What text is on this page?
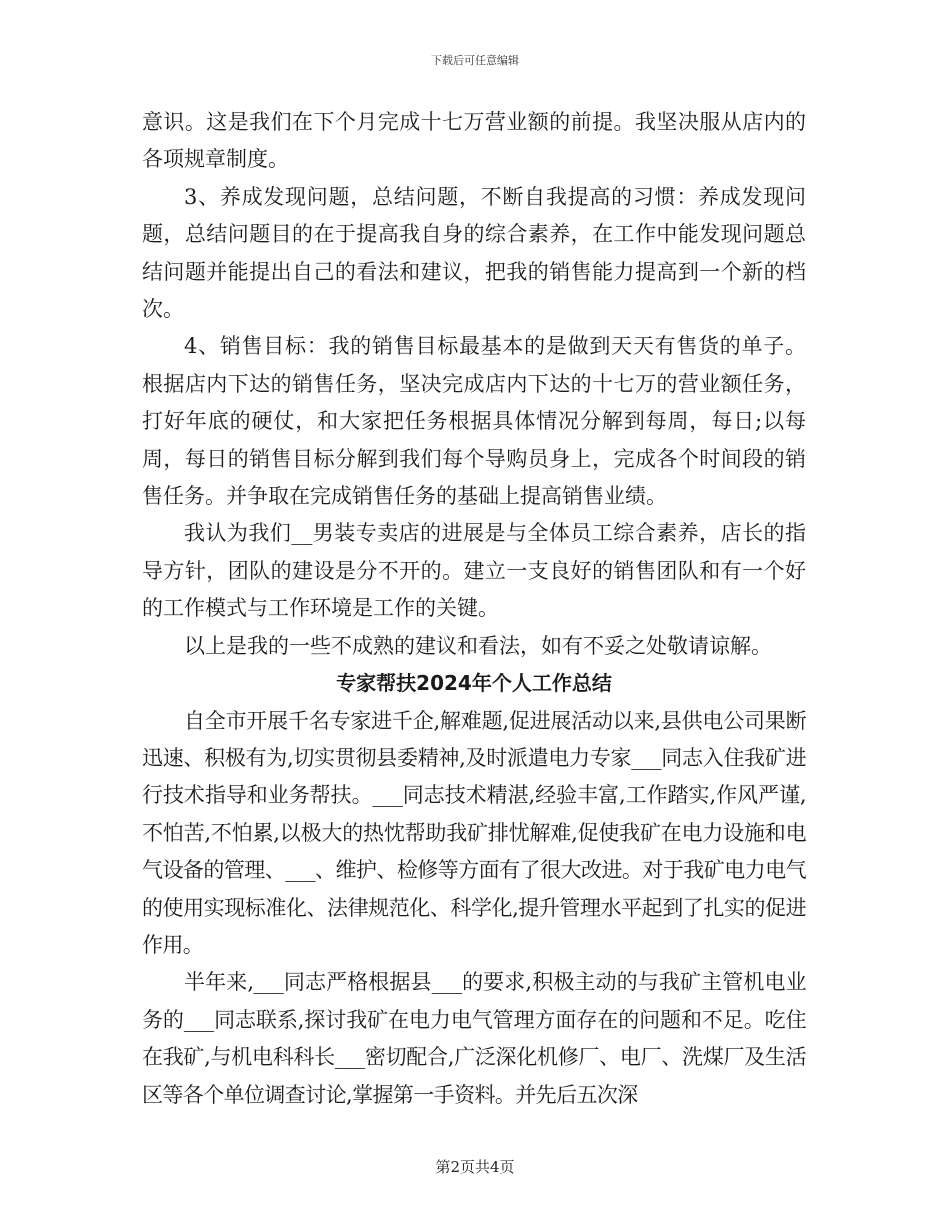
下载后可任意编辑

意识。这是我们在下个月完成十七万营业额的前提。我坚决服从店内的各项规章制度。

3、养成发现问题，总结问题，不断自我提高的习惯：养成发现问题，总结问题目的在于提高我自身的综合素养，在工作中能发现问题总结问题并能提出自己的看法和建议，把我的销售能力提高到一个新的档次。

4、销售目标：我的销售目标最基本的是做到天天有售货的单子。根据店内下达的销售任务，坚决完成店内下达的十七万的营业额任务，打好年底的硬仗，和大家把任务根据具体情况分解到每周，每日;以每周，每日的销售目标分解到我们每个导购员身上，完成各个时间段的销售任务。并争取在完成销售任务的基础上提高销售业绩。

我认为我们__男装专卖店的进展是与全体员工综合素养，店长的指导方针，团队的建设是分不开的。建立一支良好的销售团队和有一个好的工作模式与工作环境是工作的关键。

以上是我的一些不成熟的建议和看法，如有不妥之处敬请谅解。

专家帮扶2024年个人工作总结

自全市开展千名专家进千企,解难题,促进展活动以来,县供电公司果断迅速、积极有为,切实贯彻县委精神,及时派遣电力专家___同志入住我矿进行技术指导和业务帮扶。___同志技术精湛,经验丰富,工作踏实,作风严谨,不怕苦,不怕累,以极大的热忱帮助我矿排忧解难,促使我矿在电力设施和电气设备的管理、___、维护、检修等方面有了很大改进。对于我矿电力电气的使用实现标准化、法律规范化、科学化,提升管理水平起到了扎实的促进作用。

半年来,___同志严格根据县___的要求,积极主动的与我矿主管机电业务的___同志联系,探讨我矿在电力电气管理方面存在的问题和不足。吃住在我矿,与机电科科长___密切配合,广泛深化机修厂、电厂、洗煤厂及生活区等各个单位调查讨论,掌握第一手资料。并先后五次深

第2页共4页
